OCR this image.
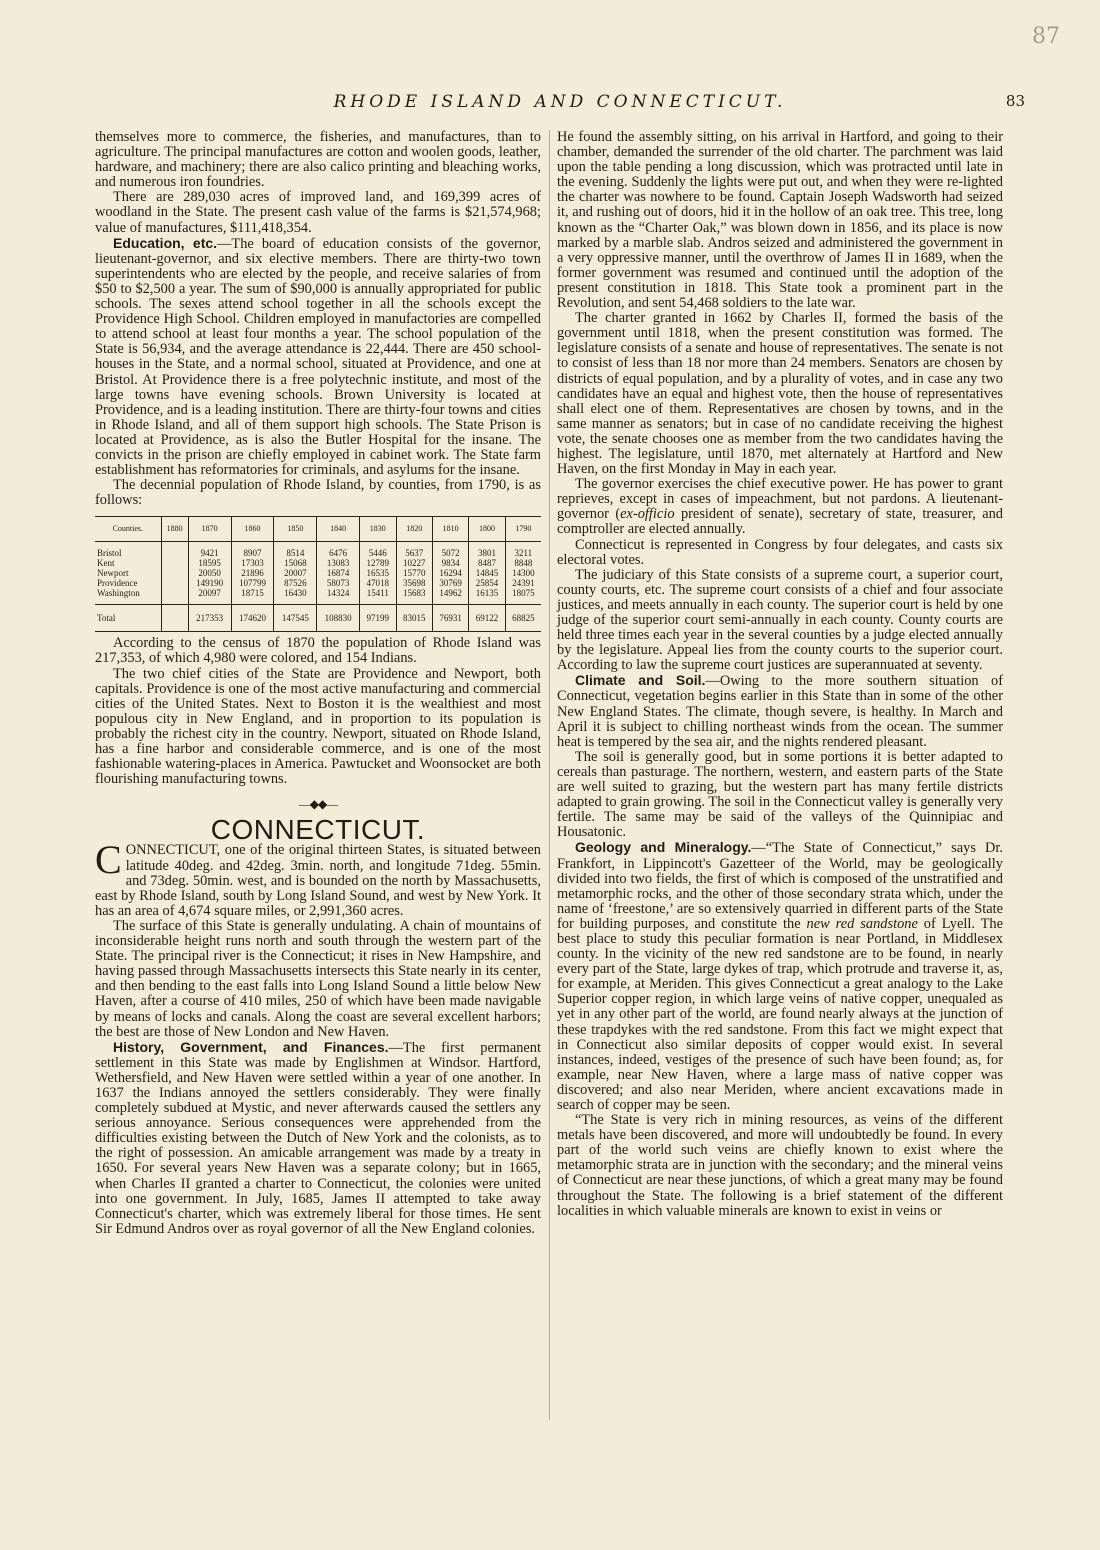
87
RHODE ISLAND AND CONNECTICUT.	83

themselves more to commerce, the fisheries, and manufactures, than to agriculture. The principal manufactures are cotton and woolen goods, leather, hardware, and machinery; there are also calico printing and bleaching works, and numerous iron foundries.

There are 289,030 acres of improved land, and 169,399 acres of woodland in the State. The present cash value of the farms is $21,574,968; value of manufactures, $111,418,354.

Education, etc.—The board of education consists of the governor, lieutenant-governor, and six elective members. There are thirty-two town superintendents who are elected by the people, and receive salaries of from $50 to $2,500 a year. The sum of $90,000 is annually appropriated for public schools. The sexes attend school together in all the schools except the Providence High School. Children employed in manufactories are compelled to attend school at least four months a year. The school population of the State is 56,934, and the average attendance is 22,444. There are 450 school-houses in the State, and a normal school, situated at Providence, and one at Bristol. At Providence there is a free polytechnic institute, and most of the large towns have evening schools. Brown University is located at Providence, and is a leading institution. There are thirty-four towns and cities in Rhode Island, and all of them support high schools. The State Prison is located at Providence, as is also the Butler Hospital for the insane. The convicts in the prison are chiefly employed in cabinet work. The State farm establishment has reformatories for criminals, and asylums for the insane.

The decennial population of Rhode Island, by counties, from 1790, is as follows:

Counties.	1880	1870	1860	1850	1840	1830	1820	1810	1800	1790
Bristol		9421	8907	8514	6476	5446	5637	5072	3801	3211
Kent		18595	17303	15068	13083	12789	10227	9834	8487	8848
Newport		20050	21896	20007	16874	16535	15770	16294	14845	14300
Providence		149190	107799	87526	58073	47018	35698	30769	25854	24391
Washington		20097	18715	16430	14324	15411	15683	14962	16135	18075
Total		217353	174620	147545	108830	97199	83015	76931	69122	68825

According to the census of 1870 the population of Rhode Island was 217,353, of which 4,980 were colored, and 154 Indians.

The two chief cities of the State are Providence and Newport, both capitals. Providence is one of the most active manufacturing and commercial cities of the United States. Next to Boston it is the wealthiest and most populous city in New England, and in proportion to its population is probably the richest city in the country. Newport, situated on Rhode Island, has a fine harbor and considerable commerce, and is one of the most fashionable watering-places in America. Pawtucket and Woonsocket are both flourishing manufacturing towns.

—◆◆—
CONNECTICUT.

CONNECTICUT, one of the original thirteen States, is situated between latitude 40deg. and 42deg. 3min. north, and longitude 71deg. 55min. and 73deg. 50min. west, and is bounded on the north by Massachusetts, east by Rhode Island, south by Long Island Sound, and west by New York. It has an area of 4,674 square miles, or 2,991,360 acres.

The surface of this State is generally undulating. A chain of mountains of inconsiderable height runs north and south through the western part of the State. The principal river is the Connecticut; it rises in New Hampshire, and having passed through Massachusetts intersects this State nearly in its center, and then bending to the east falls into Long Island Sound a little below New Haven, after a course of 410 miles, 250 of which have been made navigable by means of locks and canals. Along the coast are several excellent harbors; the best are those of New London and New Haven.

History, Government, and Finances.—The first permanent settlement in this State was made by Englishmen at Windsor. Hartford, Wethersfield, and New Haven were settled within a year of one another. In 1637 the Indians annoyed the settlers considerably. They were finally completely subdued at Mystic, and never afterwards caused the settlers any serious annoyance. Serious consequences were apprehended from the difficulties existing between the Dutch of New York and the colonists, as to the right of possession. An amicable arrangement was made by a treaty in 1650. For several years New Haven was a separate colony; but in 1665, when Charles II granted a charter to Connecticut, the colonies were united into one government. In July, 1685, James II attempted to take away Connecticut's charter, which was extremely liberal for those times. He sent Sir Edmund Andros over as royal governor of all the New England colonies.

He found the assembly sitting, on his arrival in Hartford, and going to their chamber, demanded the surrender of the old charter. The parchment was laid upon the table pending a long discussion, which was protracted until late in the evening. Suddenly the lights were put out, and when they were re-lighted the charter was nowhere to be found. Captain Joseph Wadsworth had seized it, and rushing out of doors, hid it in the hollow of an oak tree. This tree, long known as the “Charter Oak,” was blown down in 1856, and its place is now marked by a marble slab. Andros seized and administered the government in a very oppressive manner, until the overthrow of James II in 1689, when the former government was resumed and continued until the adoption of the present constitution in 1818. This State took a prominent part in the Revolution, and sent 54,468 soldiers to the late war.

The charter granted in 1662 by Charles II, formed the basis of the government until 1818, when the present constitution was formed. The legislature consists of a senate and house of representatives. The senate is not to consist of less than 18 nor more than 24 members. Senators are chosen by districts of equal population, and by a plurality of votes, and in case any two candidates have an equal and highest vote, then the house of representatives shall elect one of them. Representatives are chosen by towns, and in the same manner as senators; but in case of no candidate receiving the highest vote, the senate chooses one as member from the two candidates having the highest. The legislature, until 1870, met alternately at Hartford and New Haven, on the first Monday in May in each year.

The governor exercises the chief executive power. He has power to grant reprieves, except in cases of impeachment, but not pardons. A lieutenant-governor (ex-officio president of senate), secretary of state, treasurer, and comptroller are elected annually.

Connecticut is represented in Congress by four delegates, and casts six electoral votes.

The judiciary of this State consists of a supreme court, a superior court, county courts, etc. The supreme court consists of a chief and four associate justices, and meets annually in each county. The superior court is held by one judge of the superior court semi-annually in each county. County courts are held three times each year in the several counties by a judge elected annually by the legislature. Appeal lies from the county courts to the superior court. According to law the supreme court justices are superannuated at seventy.

Climate and Soil.—Owing to the more southern situation of Connecticut, vegetation begins earlier in this State than in some of the other New England States. The climate, though severe, is healthy. In March and April it is subject to chilling northeast winds from the ocean. The summer heat is tempered by the sea air, and the nights rendered pleasant.

The soil is generally good, but in some portions it is better adapted to cereals than pasturage. The northern, western, and eastern parts of the State are well suited to grazing, but the western part has many fertile districts adapted to grain growing. The soil in the Connecticut valley is generally very fertile. The same may be said of the valleys of the Quinnipiac and Housatonic.

Geology and Mineralogy.—“The State of Connecticut,” says Dr. Frankfort, in Lippincott's Gazetteer of the World, may be geologically divided into two fields, the first of which is composed of the unstratified and metamorphic rocks, and the other of those secondary strata which, under the name of ‘freestone,’ are so extensively quarried in different parts of the State for building purposes, and constitute the new red sandstone of Lyell. The best place to study this peculiar formation is near Portland, in Middlesex county. In the vicinity of the new red sandstone are to be found, in nearly every part of the State, large dykes of trap, which protrude and traverse it, as, for example, at Meriden. This gives Connecticut a great analogy to the Lake Superior copper region, in which large veins of native copper, unequaled as yet in any other part of the world, are found nearly always at the junction of these trapdykes with the red sandstone. From this fact we might expect that in Connecticut also similar deposits of copper would exist. In several instances, indeed, vestiges of the presence of such have been found; as, for example, near New Haven, where a large mass of native copper was discovered; and also near Meriden, where ancient excavations made in search of copper may be seen.

“The State is very rich in mining resources, as veins of the different metals have been discovered, and more will undoubtedly be found. In every part of the world such veins are chiefly known to exist where the metamorphic strata are in junction with the secondary; and the mineral veins of Connecticut are near these junctions, of which a great many may be found throughout the State. The following is a brief statement of the different localities in which valuable minerals are known to exist in veins or
